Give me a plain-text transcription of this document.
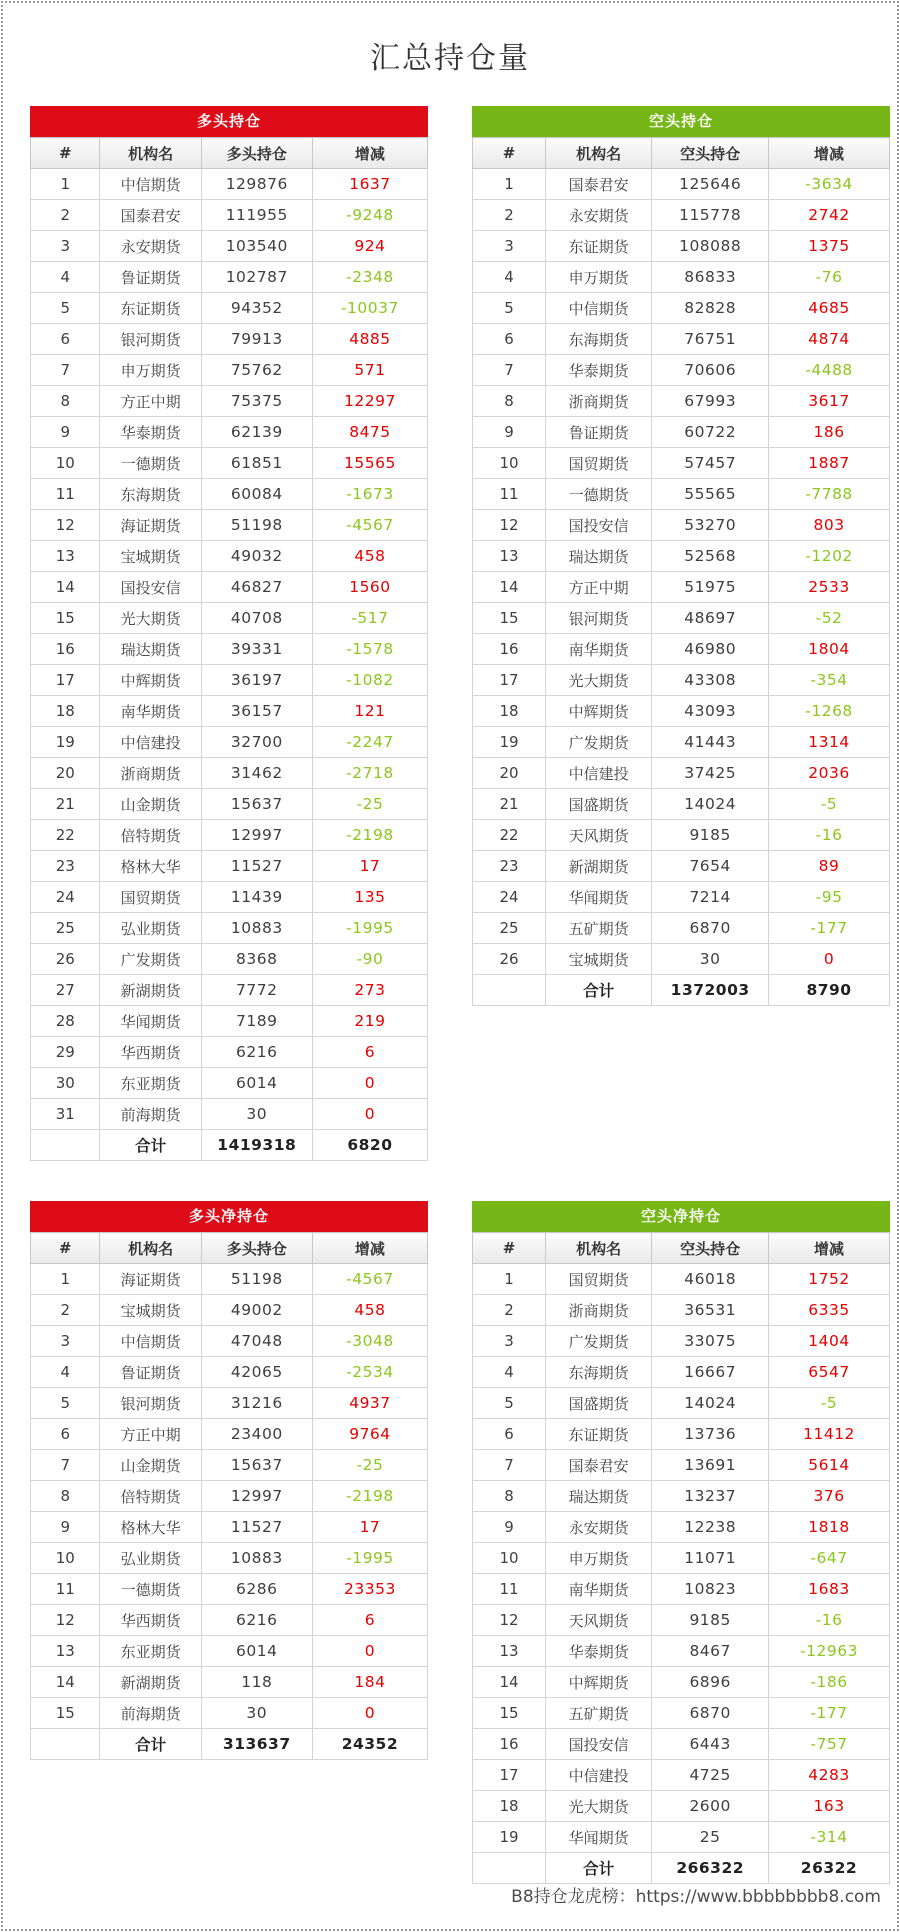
汇总持仓量
多头持仓
#	机构名	多头持仓	增减
1	中信期货	129876	1637
2	国泰君安	111955	-9248
3	永安期货	103540	924
4	鲁证期货	102787	-2348
5	东证期货	94352	-10037
6	银河期货	79913	4885
7	申万期货	75762	571
8	方正中期	75375	12297
9	华泰期货	62139	8475
10	一德期货	61851	15565
11	东海期货	60084	-1673
12	海证期货	51198	-4567
13	宝城期货	49032	458
14	国投安信	46827	1560
15	光大期货	40708	-517
16	瑞达期货	39331	-1578
17	中辉期货	36197	-1082
18	南华期货	36157	121
19	中信建投	32700	-2247
20	浙商期货	31462	-2718
21	山金期货	15637	-25
22	倍特期货	12997	-2198
23	格林大华	11527	17
24	国贸期货	11439	135
25	弘业期货	10883	-1995
26	广发期货	8368	-90
27	新湖期货	7772	273
28	华闻期货	7189	219
29	华西期货	6216	6
30	东亚期货	6014	0
31	前海期货	30	0
	合计	1419318	6820
空头持仓
#	机构名	空头持仓	增减
1	国泰君安	125646	-3634
2	永安期货	115778	2742
3	东证期货	108088	1375
4	申万期货	86833	-76
5	中信期货	82828	4685
6	东海期货	76751	4874
7	华泰期货	70606	-4488
8	浙商期货	67993	3617
9	鲁证期货	60722	186
10	国贸期货	57457	1887
11	一德期货	55565	-7788
12	国投安信	53270	803
13	瑞达期货	52568	-1202
14	方正中期	51975	2533
15	银河期货	48697	-52
16	南华期货	46980	1804
17	光大期货	43308	-354
18	中辉期货	43093	-1268
19	广发期货	41443	1314
20	中信建投	37425	2036
21	国盛期货	14024	-5
22	天风期货	9185	-16
23	新湖期货	7654	89
24	华闻期货	7214	-95
25	五矿期货	6870	-177
26	宝城期货	30	0
	合计	1372003	8790
多头净持仓
#	机构名	多头持仓	增减
1	海证期货	51198	-4567
2	宝城期货	49002	458
3	中信期货	47048	-3048
4	鲁证期货	42065	-2534
5	银河期货	31216	4937
6	方正中期	23400	9764
7	山金期货	15637	-25
8	倍特期货	12997	-2198
9	格林大华	11527	17
10	弘业期货	10883	-1995
11	一德期货	6286	23353
12	华西期货	6216	6
13	东亚期货	6014	0
14	新湖期货	118	184
15	前海期货	30	0
	合计	313637	24352
空头净持仓
#	机构名	空头持仓	增减
1	国贸期货	46018	1752
2	浙商期货	36531	6335
3	广发期货	33075	1404
4	东海期货	16667	6547
5	国盛期货	14024	-5
6	东证期货	13736	11412
7	国泰君安	13691	5614
8	瑞达期货	13237	376
9	永安期货	12238	1818
10	申万期货	11071	-647
11	南华期货	10823	1683
12	天风期货	9185	-16
13	华泰期货	8467	-12963
14	中辉期货	6896	-186
15	五矿期货	6870	-177
16	国投安信	6443	-757
17	中信建投	4725	4283
18	光大期货	2600	163
19	华闻期货	25	-314
	合计	266322	26322
B8持仓龙虎榜：https://www.bbbbbbbb8.com
